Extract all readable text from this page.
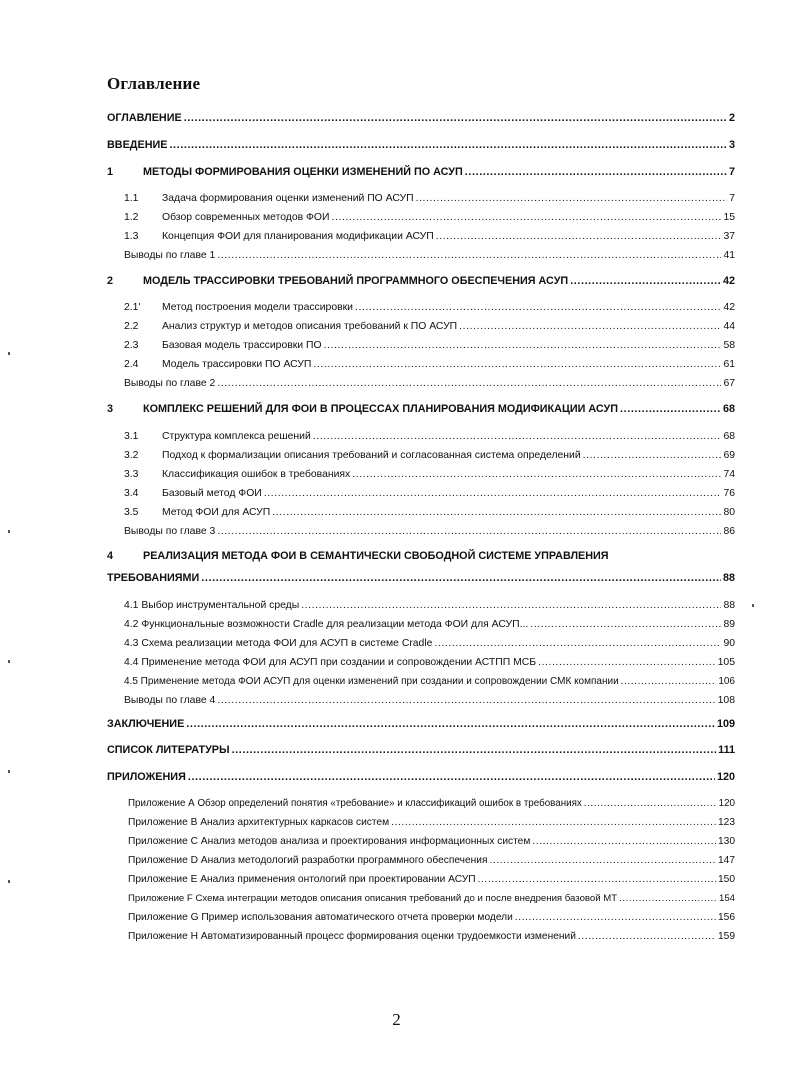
Оглавление
ОГЛАВЛЕНИЕ .....	2
ВВЕДЕНИЕ .....	3
1	МЕТОДЫ ФОРМИРОВАНИЯ ОЦЕНКИ ИЗМЕНЕНИЙ ПО АСУП .....	7
1.1	Задача формирования оценки изменений ПО АСУП .....	7
1.2	Обзор современных методов ФОИ .....	15
1.3	Концепция ФОИ для планирования модификации АСУП .....	37
Выводы по главе 1 .....	41
2	МОДЕЛЬ ТРАССИРОВКИ ТРЕБОВАНИЙ ПРОГРАММНОГО ОБЕСПЕЧЕНИЯ АСУП .....	42
2.1'	Метод построения модели трассировки .....	42
2.2	Анализ структур и методов описания требований к ПО АСУП .....	44
2.3	Базовая модель трассировки ПО .....	58
2.4	Модель трассировки ПО АСУП .....	61
Выводы по главе 2 .....	67
3	КОМПЛЕКС РЕШЕНИЙ ДЛЯ ФОИ В ПРОЦЕССАХ ПЛАНИРОВАНИЯ МОДИФИКАЦИИ АСУП .....	68
3.1	Структура комплекса решений .....	68
3.2	Подход к формализации описания требований и согласованная система определений .....	69
3.3	Классификация ошибок в требованиях .....	74
3.4	Базовый метод ФОИ .....	76
3.5	Метод ФОИ для АСУП .....	80
Выводы по главе 3 .....	86
4	РЕАЛИЗАЦИЯ МЕТОДА ФОИ В СЕМАНТИЧЕСКИ СВОБОДНОЙ СИСТЕМЕ УПРАВЛЕНИЯ
ТРЕБОВАНИЯМИ .....	88
4.1 Выбор инструментальной среды .....	88
4.2 Функциональные возможности Cradle для реализации метода ФОИ для АСУП... .....	89
4.3 Схема реализации метода ФОИ для АСУП в системе Cradle .....	90
4.4 Применение метода ФОИ для АСУП при создании и сопровождении АСТПП МСБ .....	105
4.5 Применение метода ФОИ АСУП для оценки изменений при создании и сопровождении СМК компании .....	106
Выводы по главе 4 .....	108
ЗАКЛЮЧЕНИЕ .....	109
СПИСОК ЛИТЕРАТУРЫ .....	111
ПРИЛОЖЕНИЯ .....	120
Приложение А Обзор определений понятия «требование» и классификаций ошибок в требованиях .....	120
Приложение В Анализ архитектурных каркасов систем .....	123
Приложение С Анализ методов анализа и проектирования информационных систем .....	130
Приложение D Анализ методологий разработки программного обеспечения .....	147
Приложение Е Анализ применения онтологий при проектировании АСУП .....	150
Приложение F Схема интеграции методов описания описания требований до и после внедрения базовой МТ .....	154
Приложение G Пример использования автоматического отчета проверки модели .....	156
Приложение Н Автоматизированный процесс формирования оценки трудоемкости изменений .....	159
2
